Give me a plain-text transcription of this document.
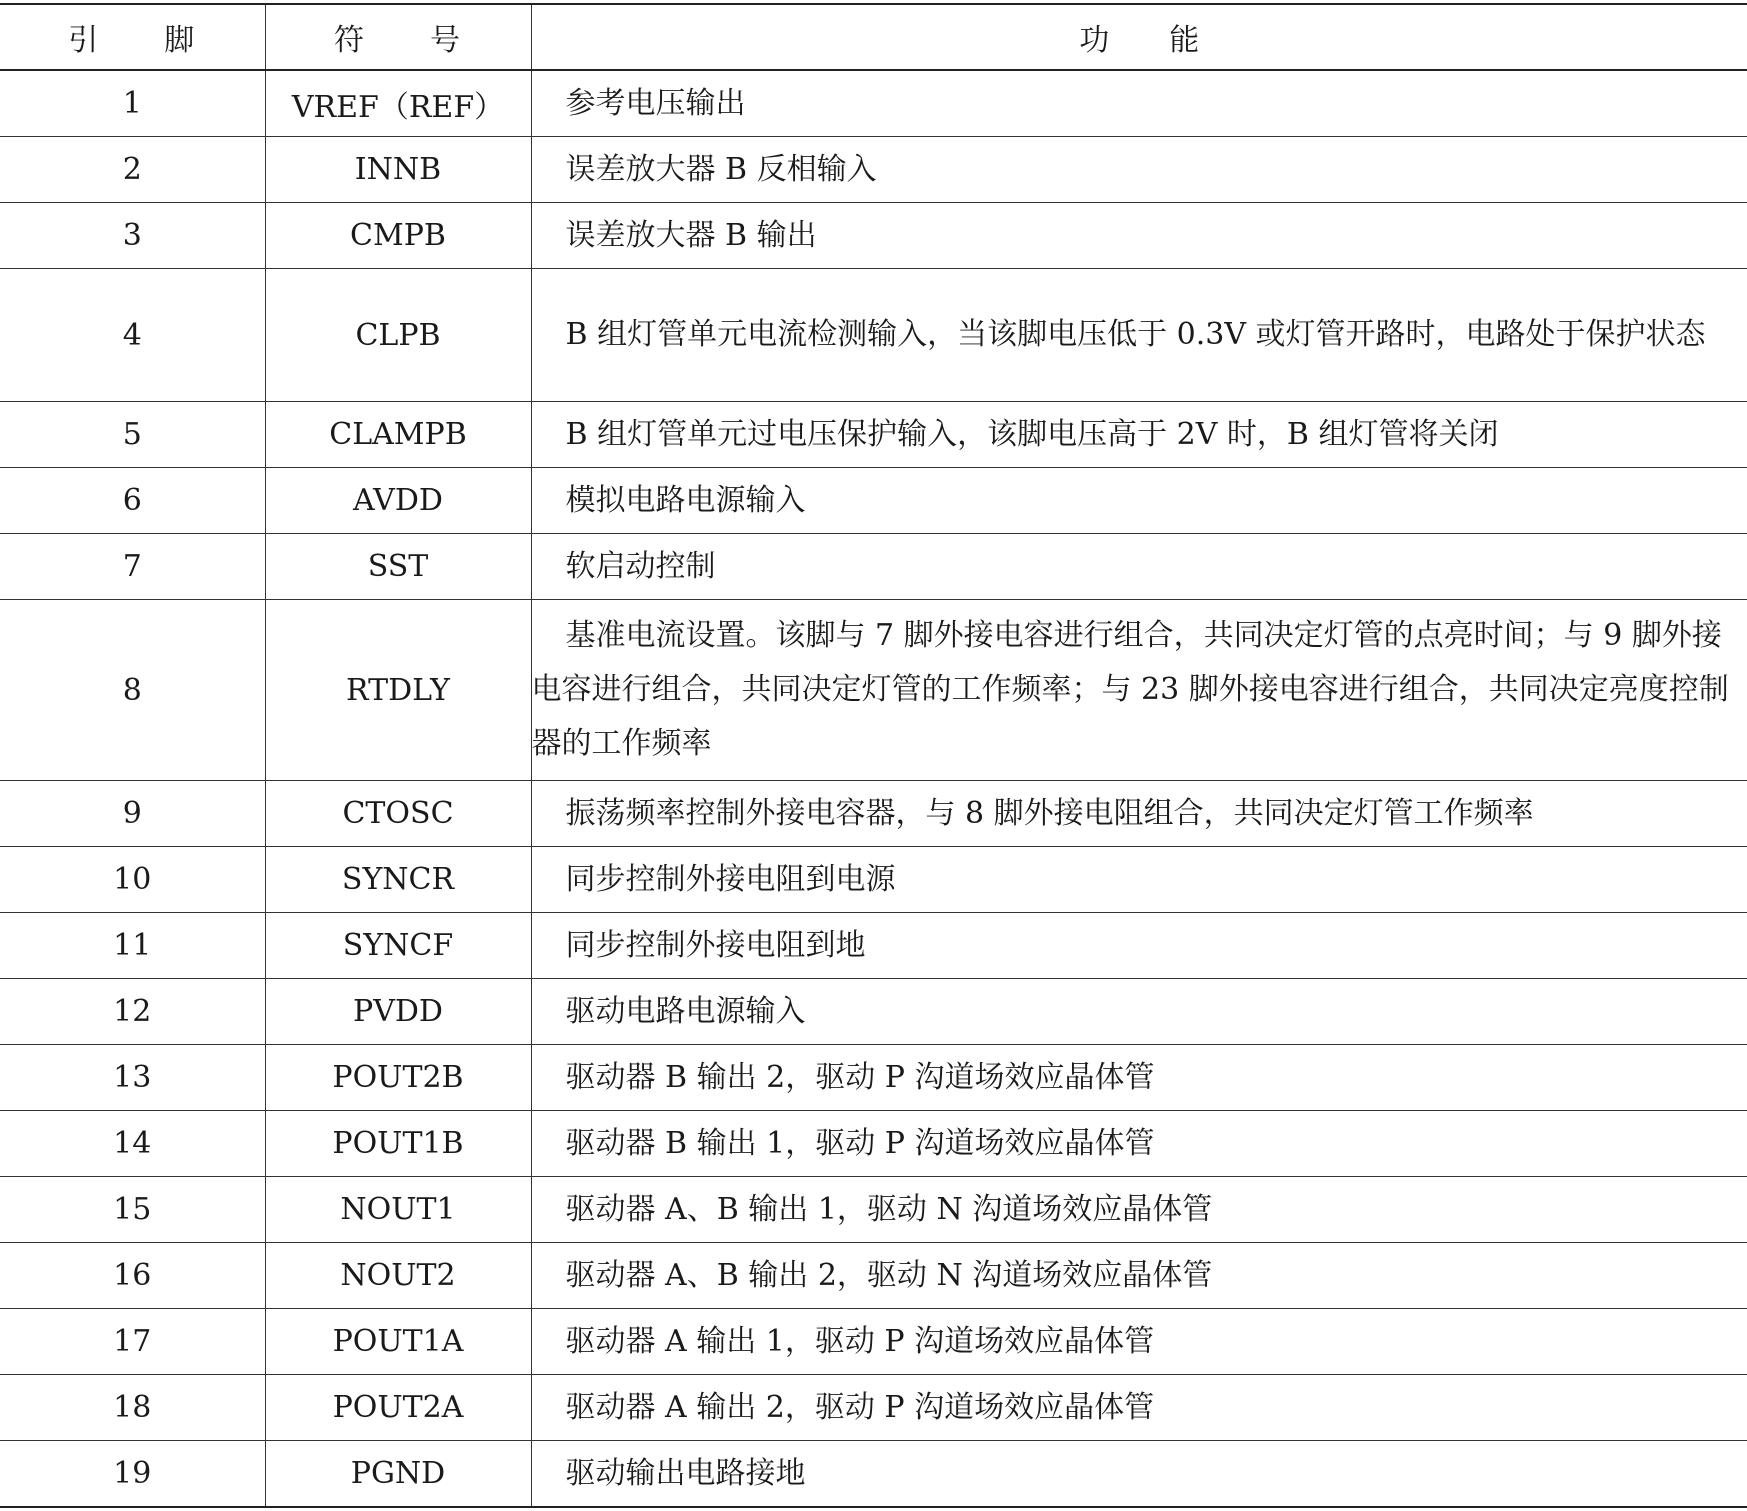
引　　脚	符　　号	功　　能
1	VREF（REF）	参考电压输出
2	INNB	误差放大器 B 反相输入
3	CMPB	误差放大器 B 输出
4	CLPB	B 组灯管单元电流检测输入，当该脚电压低于 0.3V 或灯管开路时，电路处于保护状态
5	CLAMPB	B 组灯管单元过电压保护输入，该脚电压高于 2V 时，B 组灯管将关闭
6	AVDD	模拟电路电源输入
7	SST	软启动控制
8	RTDLY	基准电流设置。该脚与 7 脚外接电容进行组合，共同决定灯管的点亮时间；与 9 脚外接电容进行组合，共同决定灯管的工作频率；与 23 脚外接电容进行组合，共同决定亮度控制器的工作频率
9	CTOSC	振荡频率控制外接电容器，与 8 脚外接电阻组合，共同决定灯管工作频率
10	SYNCR	同步控制外接电阻到电源
11	SYNCF	同步控制外接电阻到地
12	PVDD	驱动电路电源输入
13	POUT2B	驱动器 B 输出 2，驱动 P 沟道场效应晶体管
14	POUT1B	驱动器 B 输出 1，驱动 P 沟道场效应晶体管
15	NOUT1	驱动器 A、B 输出 1，驱动 N 沟道场效应晶体管
16	NOUT2	驱动器 A、B 输出 2，驱动 N 沟道场效应晶体管
17	POUT1A	驱动器 A 输出 1，驱动 P 沟道场效应晶体管
18	POUT2A	驱动器 A 输出 2，驱动 P 沟道场效应晶体管
19	PGND	驱动输出电路接地
